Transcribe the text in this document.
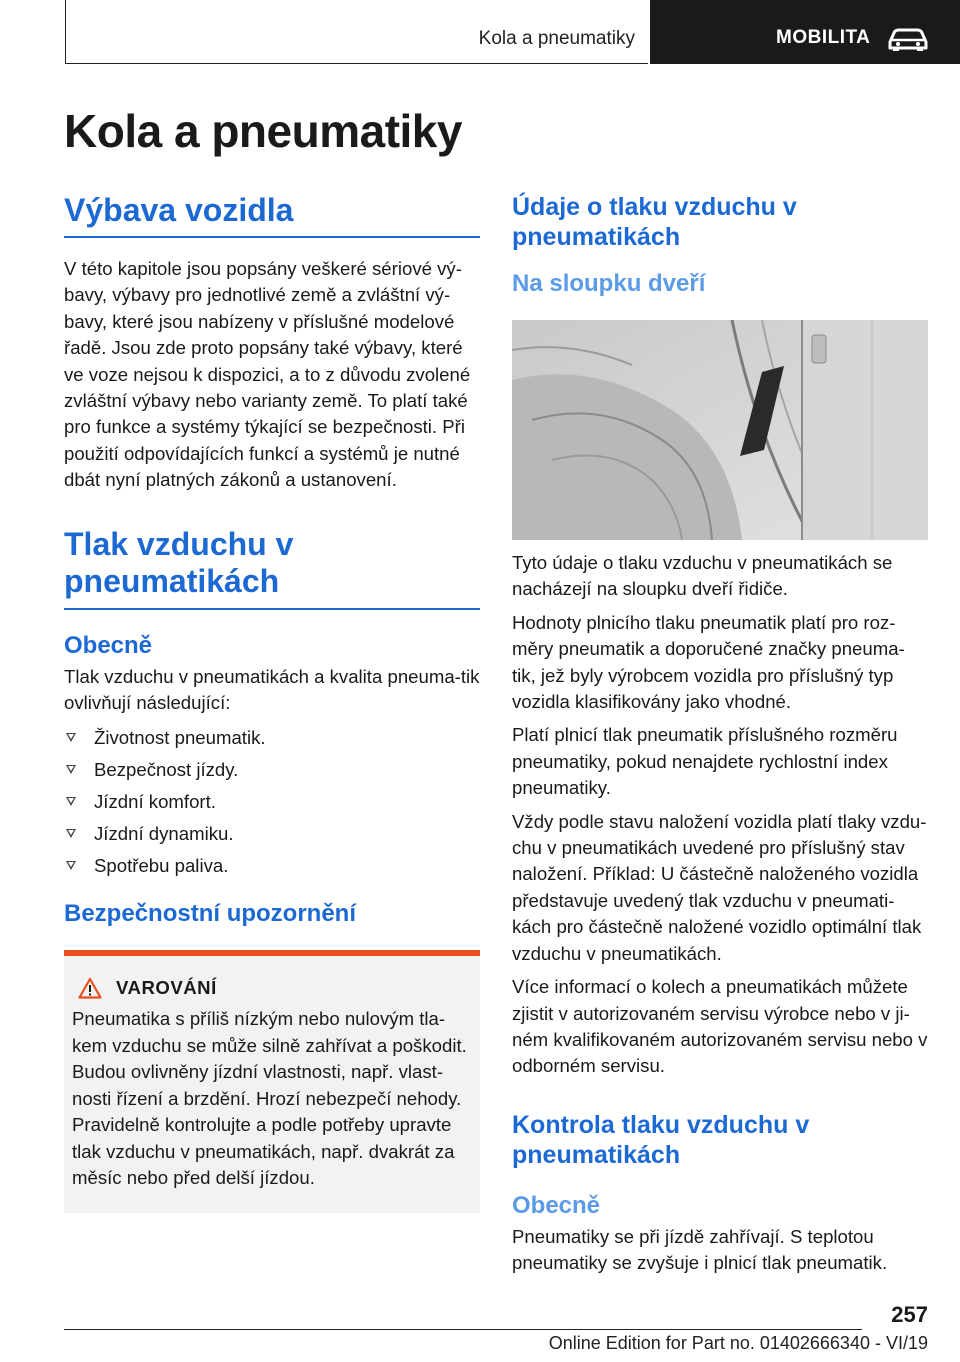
Kola a pneumatiky	MOBILITA
Kola a pneumatiky
Výbava vozidla

V této kapitole jsou popsány veškeré sériové vý-bavy, výbavy pro jednotlivé země a zvláštní vý-bavy, které jsou nabízeny v příslušné modelové řadě. Jsou zde proto popsány také výbavy, které ve voze nejsou k dispozici, a to z důvodu zvolené zvláštní výbavy nebo varianty země. To platí také pro funkce a systémy týkající se bezpečnosti. Při použití odpovídajících funkcí a systémů je nutné dbát nyní platných zákonů a ustanovení.

Tlak vzduchu v pneumatikách
Obecně

Tlak vzduchu v pneumatikách a kvalita pneuma-tik ovlivňují následující:

Životnost pneumatik.
Bezpečnost jízdy.
Jízdní komfort.
Jízdní dynamiku.
Spotřebu paliva.
Bezpečnostní upozornění
VAROVÁNÍ

Pneumatika s příliš nízkým nebo nulovým tla-kem vzduchu se může silně zahřívat a poškodit. Budou ovlivněny jízdní vlastnosti, např. vlast-nosti řízení a brzdění. Hrozí nebezpečí nehody. Pravidelně kontrolujte a podle potřeby upravte tlak vzduchu v pneumatikách, např. dvakrát za měsíc nebo před delší jízdou.

Údaje o tlaku vzduchu v pneumatikách
Na sloupku dveří

Tyto údaje o tlaku vzduchu v pneumatikách se nacházejí na sloupku dveří řidiče.

Hodnoty plnicího tlaku pneumatik platí pro roz-měry pneumatik a doporučené značky pneuma-tik, jež byly výrobcem vozidla pro příslušný typ vozidla klasifikovány jako vhodné.

Platí plnicí tlak pneumatik příslušného rozměru pneumatiky, pokud nenajdete rychlostní index pneumatiky.

Vždy podle stavu naložení vozidla platí tlaky vzdu-chu v pneumatikách uvedené pro příslušný stav naložení. Příklad: U částečně naloženého vozidla představuje uvedený tlak vzduchu v pneumati-kách pro částečně naložené vozidlo optimální tlak vzduchu v pneumatikách.

Více informací o kolech a pneumatikách můžete zjistit v autorizovaném servisu výrobce nebo v ji-ném kvalifikovaném autorizovaném servisu nebo v odborném servisu.

Kontrola tlaku vzduchu v pneumatikách
Obecně

Pneumatiky se při jízdě zahřívají. S teplotou pneumatiky se zvyšuje i plnicí tlak pneumatik.

257
Online Edition for Part no. 01402666340 - VI/19
